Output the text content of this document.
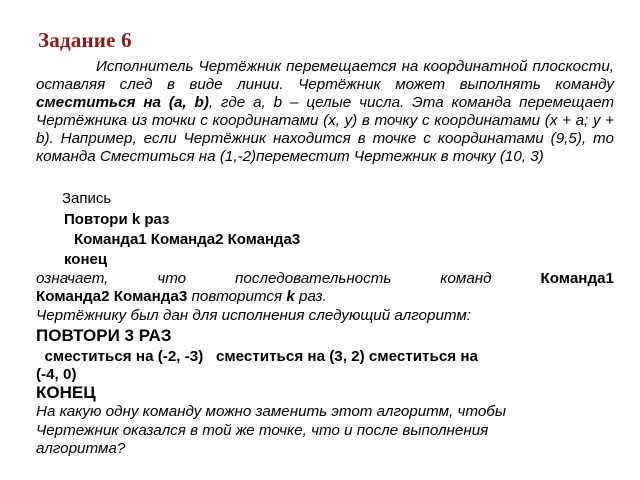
Задание 6
Исполнитель Чертёжник перемещается на координатной плоскости, оставляя след в виде линии. Чертёжник может выполнять команду сместиться на (a, b), где a, b – целые числа. Эта команда перемещает Чертёжника из точки с координатами (x, y) в точку с координатами (x + a; y + b). Например, если Чертёжник находится в точке с координатами (9,5), то команда Сместиться на (1,-2)переместит Чертежник в точку (10, 3)
Запись
Повтори k раз
Команда1 Команда2 Команда3
конец
означает,     что     последовательность     команд     Команда1
Команда2 Команда3 повторится k раз.
Чертёжнику был дан для исполнения следующий алгоритм:
ПОВТОРИ 3 РАЗ
сместиться на (-2, -3)   сместиться на (3, 2) сместиться на
(-4, 0)
КОНЕЦ
На какую одну команду можно заменить этот алгоритм, чтобы
Чертежник оказался в той же точке, что и после выполнения
алгоритма?
